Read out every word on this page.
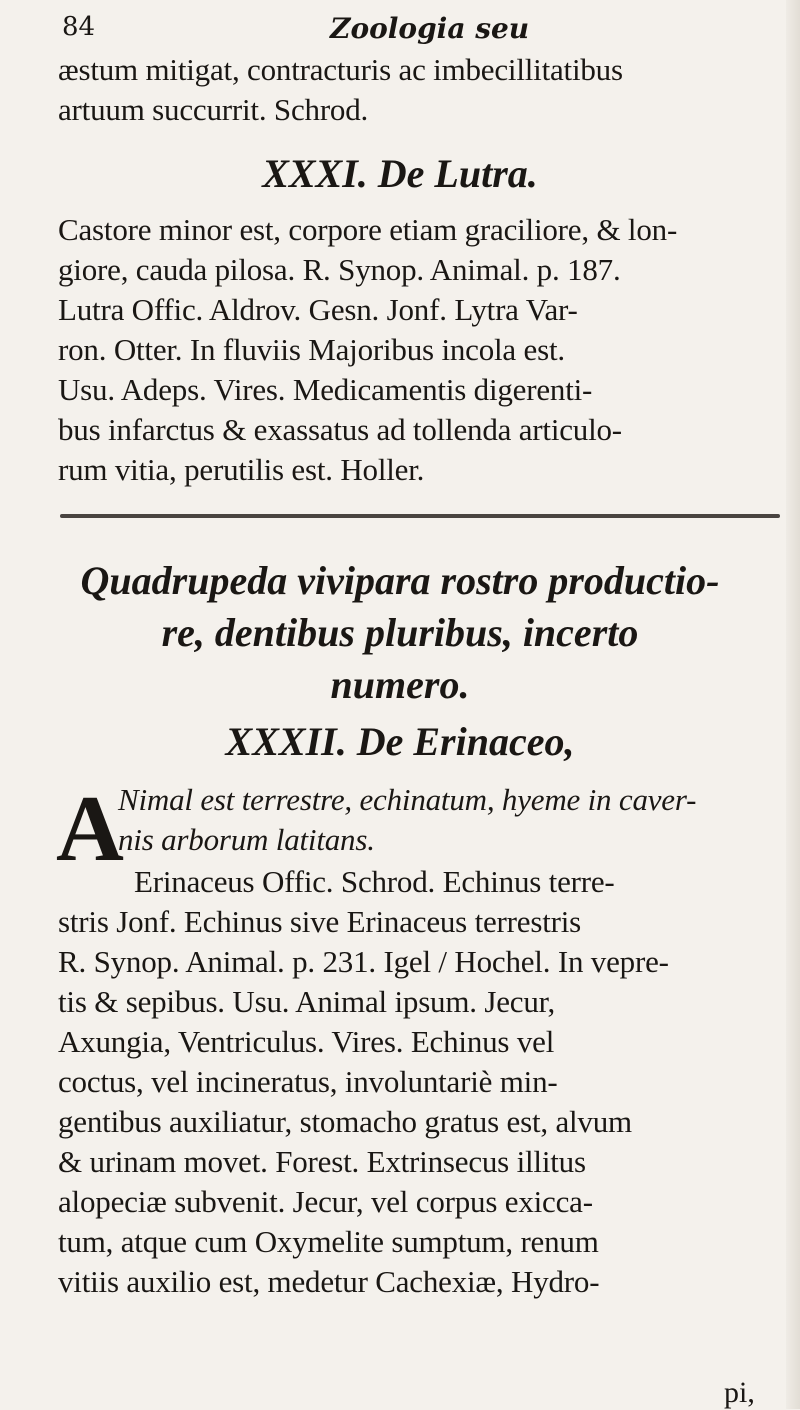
84	Zoologia seu

æstum mitigat, contracturis ac imbecillitatibus

artuum succurrit. Schrod.

XXXI. De Lutra.

Castore minor est, corpore etiam graciliore, & lon-

giore, cauda pilosa. R. Synop. Animal. p. 187.

Lutra Offic. Aldrov. Gesn. Jonf. Lytra Var-

ron. Otter. In fluviis Majoribus incola est.

Usu. Adeps. Vires. Medicamentis digerenti-

bus infarctus & exassatus ad tollenda articulo-

rum vitia, perutilis est. Holler.

Quadrupeda vivipara rostro productio-
re, dentibus pluribus, incerto
numero.
XXXII. De Erinaceo,
A

Nimal est terrestre, echinatum, hyeme in caver-

nis arborum latitans.

Erinaceus Offic. Schrod. Echinus terre-

stris Jonf. Echinus sive Erinaceus terrestris

R. Synop. Animal. p. 231. Igel / Hochel. In vepre-

tis & sepibus. Usu. Animal ipsum. Jecur,

Axungia, Ventriculus. Vires. Echinus vel

coctus, vel incineratus, involuntariè min-

gentibus auxiliatur, stomacho gratus est, alvum

& urinam movet. Forest. Extrinsecus illitus

alopeciæ subvenit. Jecur, vel corpus exicca-

tum, atque cum Oxymelite sumptum, renum

vitiis auxilio est, medetur Cachexiæ, Hydro-

pi,
